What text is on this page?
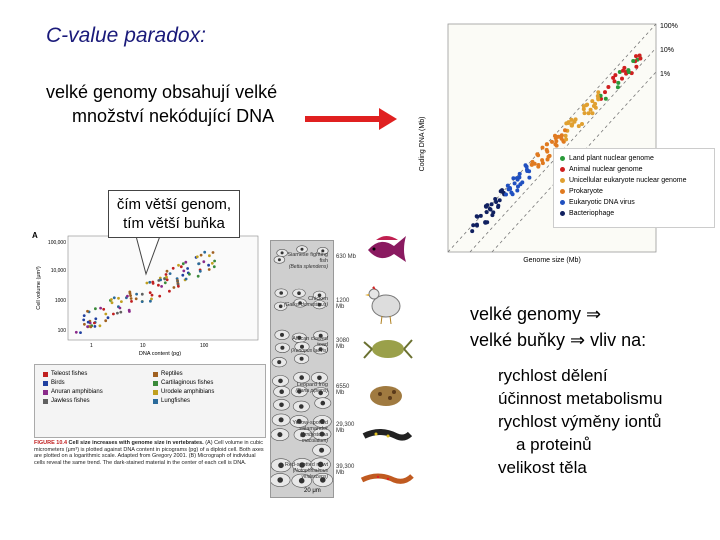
C-value paradox:
velké genomy obsahují velké
množství nekódující DNA
Coding DNA (Mb)
Genome size (Mb)
100%
10%
1%
Land plant nuclear genome
Animal nuclear genome
Unicellular eukaryote nuclear genome
Prokaryote
Eukaryotic DNA virus
Bacteriophage
A
100,000
10,000
1000
100
1	10	100
DNA content (pg)
Cell volume (μm³)
Teleost fishes	Reptiles
Birds	Cartilaginous fishes
Anuran amphibians	Urodele amphibians
Jawless fishes	Lungfishes
FIGURE 10.4 Cell size increases with genome size in vertebrates. (A) Cell volume in cubic micrometers (μm³) is plotted against DNA content in picograms (pg) of a diploid cell. Both axes are plotted on a logarithmic scale. Adapted from Gregory 2001. (B) Micrograph of individual cells reveal the same trend. The dark-stained material in the center of each cell is DNA.
20 μm
Siamese fighting fish
(Betta splendens)
630 Mb
Chicken
(Gallus domesticus)
1200 Mb
African clawed toad
(Xenopus laevis)
3080 Mb
Leopard frog
(Rana pipiens)
6550 Mb
Yellow-spotted salamander
(Ambystoma maculatum)
29,300 Mb
Red-spotted newt
(Notophthalmus viridescens)
39,300 Mb
čím větší genom,
tím větší buňka
velké genomy ⇒
velké buňky ⇒ vliv na:
rychlost dělení
účinnost metabolismu
rychlost výměny iontů
a proteinů
velikost těla
